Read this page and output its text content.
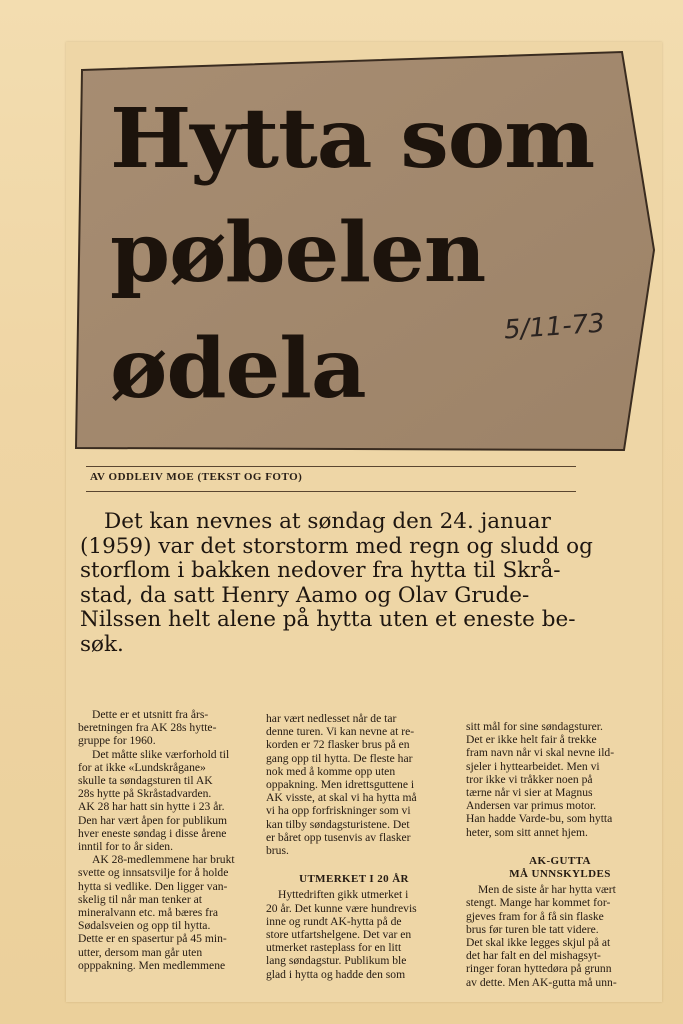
Hytta som
pøbelen
ødela	5/11-73
AV ODDLEIV MOE (TEKST OG FOTO)
Det kan nevnes at søndag den 24. januar
(1959) var det storstorm med regn og sludd og
storflom i bakken nedover fra hytta til Skrå-
stad, da satt Henry Aamo og Olav Grude-
Nilssen helt alene på hytta uten et eneste be-
søk.
Dette er et utsnitt fra års-
beretningen fra AK 28s hytte-
gruppe for 1960.
Det måtte slike værforhold til
for at ikke «Lundskrågane»
skulle ta søndagsturen til AK
28s hytte på Skråstadvarden.
AK 28 har hatt sin hytte i 23 år.
Den har vært åpen for publikum
hver eneste søndag i disse årene
inntil for to år siden.
AK 28-medlemmene har brukt
svette og innsatsvilje for å holde
hytta si vedlike. Den ligger van-
skelig til når man tenker at
mineralvann etc. må bæres fra
Sødalsveien og opp til hytta.
Dette er en spasertur på 45 min-
utter, dersom man går uten
opppakning. Men medlemmene
har vært nedlesset når de tar
denne turen. Vi kan nevne at re-
korden er 72 flasker brus på en
gang opp til hytta. De fleste har
nok med å komme opp uten
oppakning. Men idrettsguttene i
AK visste, at skal vi ha hytta må
vi ha opp forfriskninger som vi
kan tilby søndagsturistene. Det
er båret opp tusenvis av flasker
brus.
UTMERKET I 20 ÅR
Hyttedriften gikk utmerket i
20 år. Det kunne være hundrevis
inne og rundt AK-hytta på de
store utfartshelgene. Det var en
utmerket rasteplass for en litt
lang søndagstur. Publikum ble
glad i hytta og hadde den som
sitt mål for sine søndagsturer.
Det er ikke helt fair å trekke
fram navn når vi skal nevne ild-
sjeler i hyttearbeidet. Men vi
tror ikke vi tråkker noen på
tærne når vi sier at Magnus
Andersen var primus motor.
Han hadde Varde-bu, som hytta
heter, som sitt annet hjem.
AK-GUTTA
MÅ UNNSKYLDES
Men de siste år har hytta vært
stengt. Mange har kommet for-
gjeves fram for å få sin flaske
brus før turen ble tatt videre.
Det skal ikke legges skjul på at
det har falt en del mishagsyt-
ringer foran hyttedøra på grunn
av dette. Men AK-gutta må unn-
